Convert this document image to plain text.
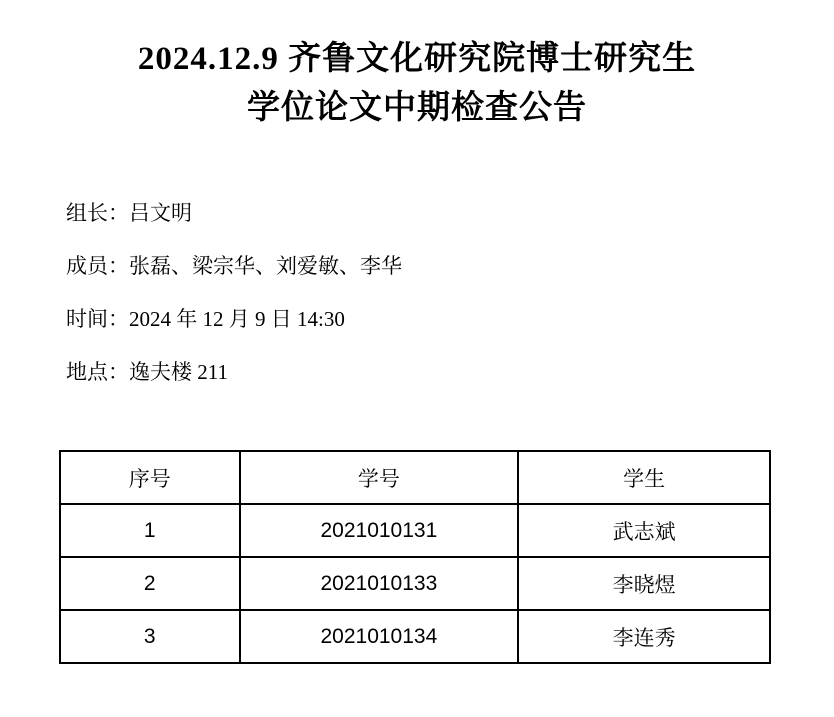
2024.12.9 齐鲁文化研究院博士研究生
学位论文中期检查公告

组长：吕文明

成员：张磊、梁宗华、刘爱敏、李华

时间：2024 年 12 月 9 日 14:30

地点：逸夫楼 211

序号	学号	学生
1	2021010131	武志斌
2	2021010133	李晓煜
3	2021010134	李连秀
